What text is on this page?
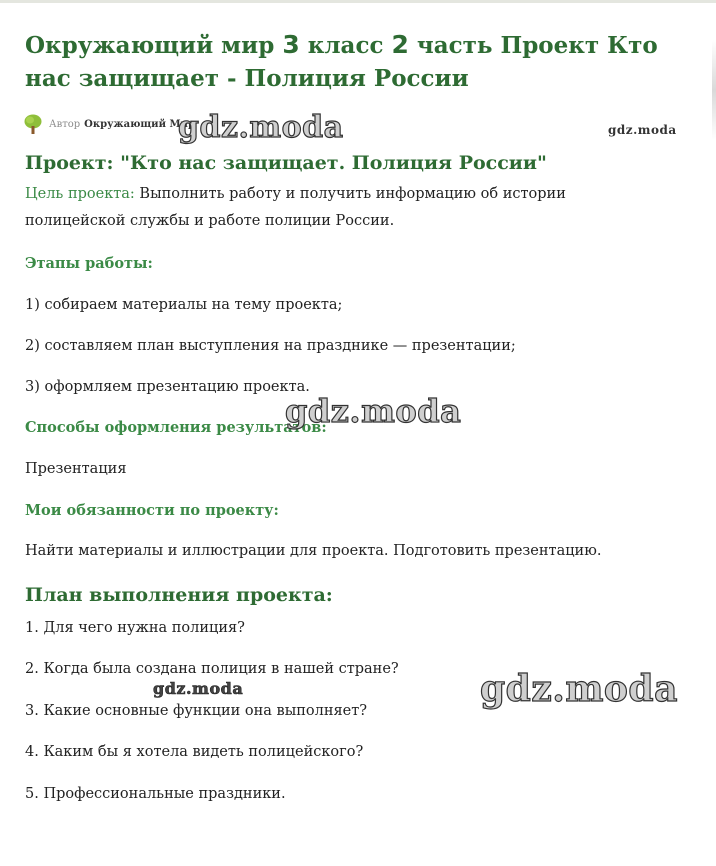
Окружающий мир 3 класс 2 часть Проект Кто нас защищает - Полиция России
Автор Окружающий Мир
Проект: "Кто нас защищает. Полиция России"
Цель проекта: Выполнить работу и получить информацию об истории полицейской службы и работе полиции России.
Этапы работы:
1) собираем материалы на тему проекта;
2) составляем план выступления на празднике — презентации;
3) оформляем презентацию проекта.
Способы оформления результатов:
Презентация
Мои обязанности по проекту:
Найти материалы и иллюстрации для проекта. Подготовить презентацию.
План выполнения проекта:
1. Для чего нужна полиция?
2. Когда была создана полиция в нашей стране?
3. Какие основные функции она выполняет?
4. Каким бы я хотела видеть полицейского?
5. Профессиональные праздники.
gdz.moda	gdz.moda
gdz.moda
gdz.moda	gdz.moda
